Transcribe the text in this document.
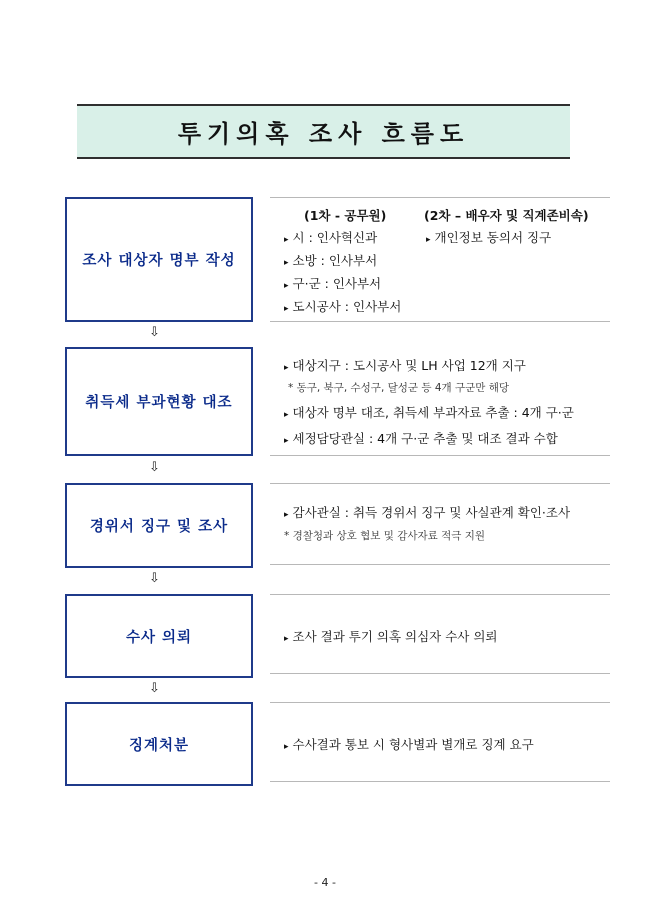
투기의혹 조사 흐름도
조사 대상자 명부 작성
(1차 - 공무원)	(2차 – 배우자 및 직계존비속)
▸ 시 : 인사혁신과	▸ 개인정보 동의서 징구
▸ 소방 : 인사부서
▸ 구·군 : 인사부서
▸ 도시공사 : 인사부서
⇩
취득세 부과현황 대조
▸ 대상지구 : 도시공사 및 LH 사업 12개 지구
* 동구, 북구, 수성구, 달성군 등 4개 구군만 해당
▸ 대상자 명부 대조, 취득세 부과자료 추출 : 4개 구·군
▸ 세정담당관실 : 4개 구·군 추출 및 대조 결과 수합
⇩
경위서 징구 및 조사
▸ 감사관실 : 취득 경위서 징구 및 사실관계 확인·조사
* 경찰청과 상호 협보 및 감사자료 적극 지원
⇩
수사 의뢰	▸ 조사 결과 투기 의혹 의심자 수사 의뢰
⇩
징계처분	▸ 수사결과 통보 시 형사별과 별개로 징계 요구
- 4 -
